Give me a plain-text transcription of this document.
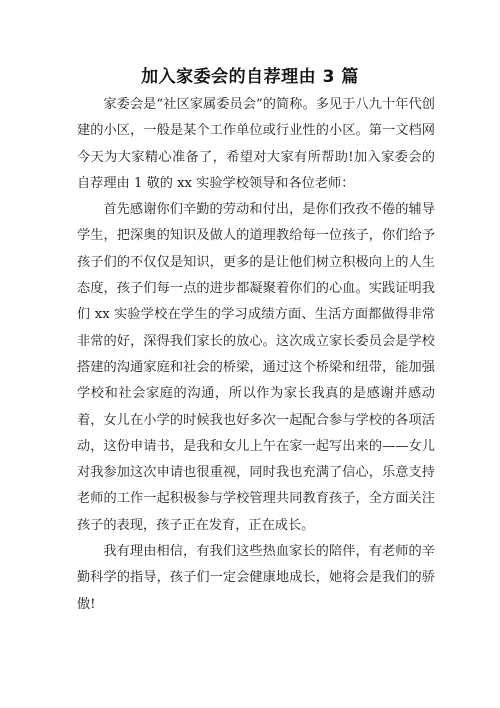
加入家委会的自荐理由 3 篇

家委会是“社区家属委员会”的简称。多见于八九十年代创建的小区，一般是某个工作单位或行业性的小区。第一文档网今天为大家精心准备了，希望对大家有所帮助!加入家委会的自荐理由 1 敬的 xx 实验学校领导和各位老师：

首先感谢你们辛勤的劳动和付出，是你们孜孜不倦的辅导学生，把深奥的知识及做人的道理教给每一位孩子，你们给予孩子们的不仅仅是知识，更多的是让他们树立积极向上的人生态度，孩子们每一点的进步都凝聚着你们的心血。实践证明我们 xx 实验学校在学生的学习成绩方面、生活方面都做得非常非常的好，深得我们家长的放心。这次成立家长委员会是学校搭建的沟通家庭和社会的桥梁，通过这个桥梁和纽带，能加强学校和社会家庭的沟通，所以作为家长我真的是感谢并感动着，女儿在小学的时候我也好多次一起配合参与学校的各项活动，这份申请书，是我和女儿上午在家一起写出来的——女儿对我参加这次申请也很重视，同时我也充满了信心，乐意支持老师的工作一起积极参与学校管理共同教育孩子，全方面关注孩子的表现，孩子正在发育，正在成长。

我有理由相信，有我们这些热血家长的陪伴，有老师的辛勤科学的指导，孩子们一定会健康地成长，她将会是我们的骄傲!
